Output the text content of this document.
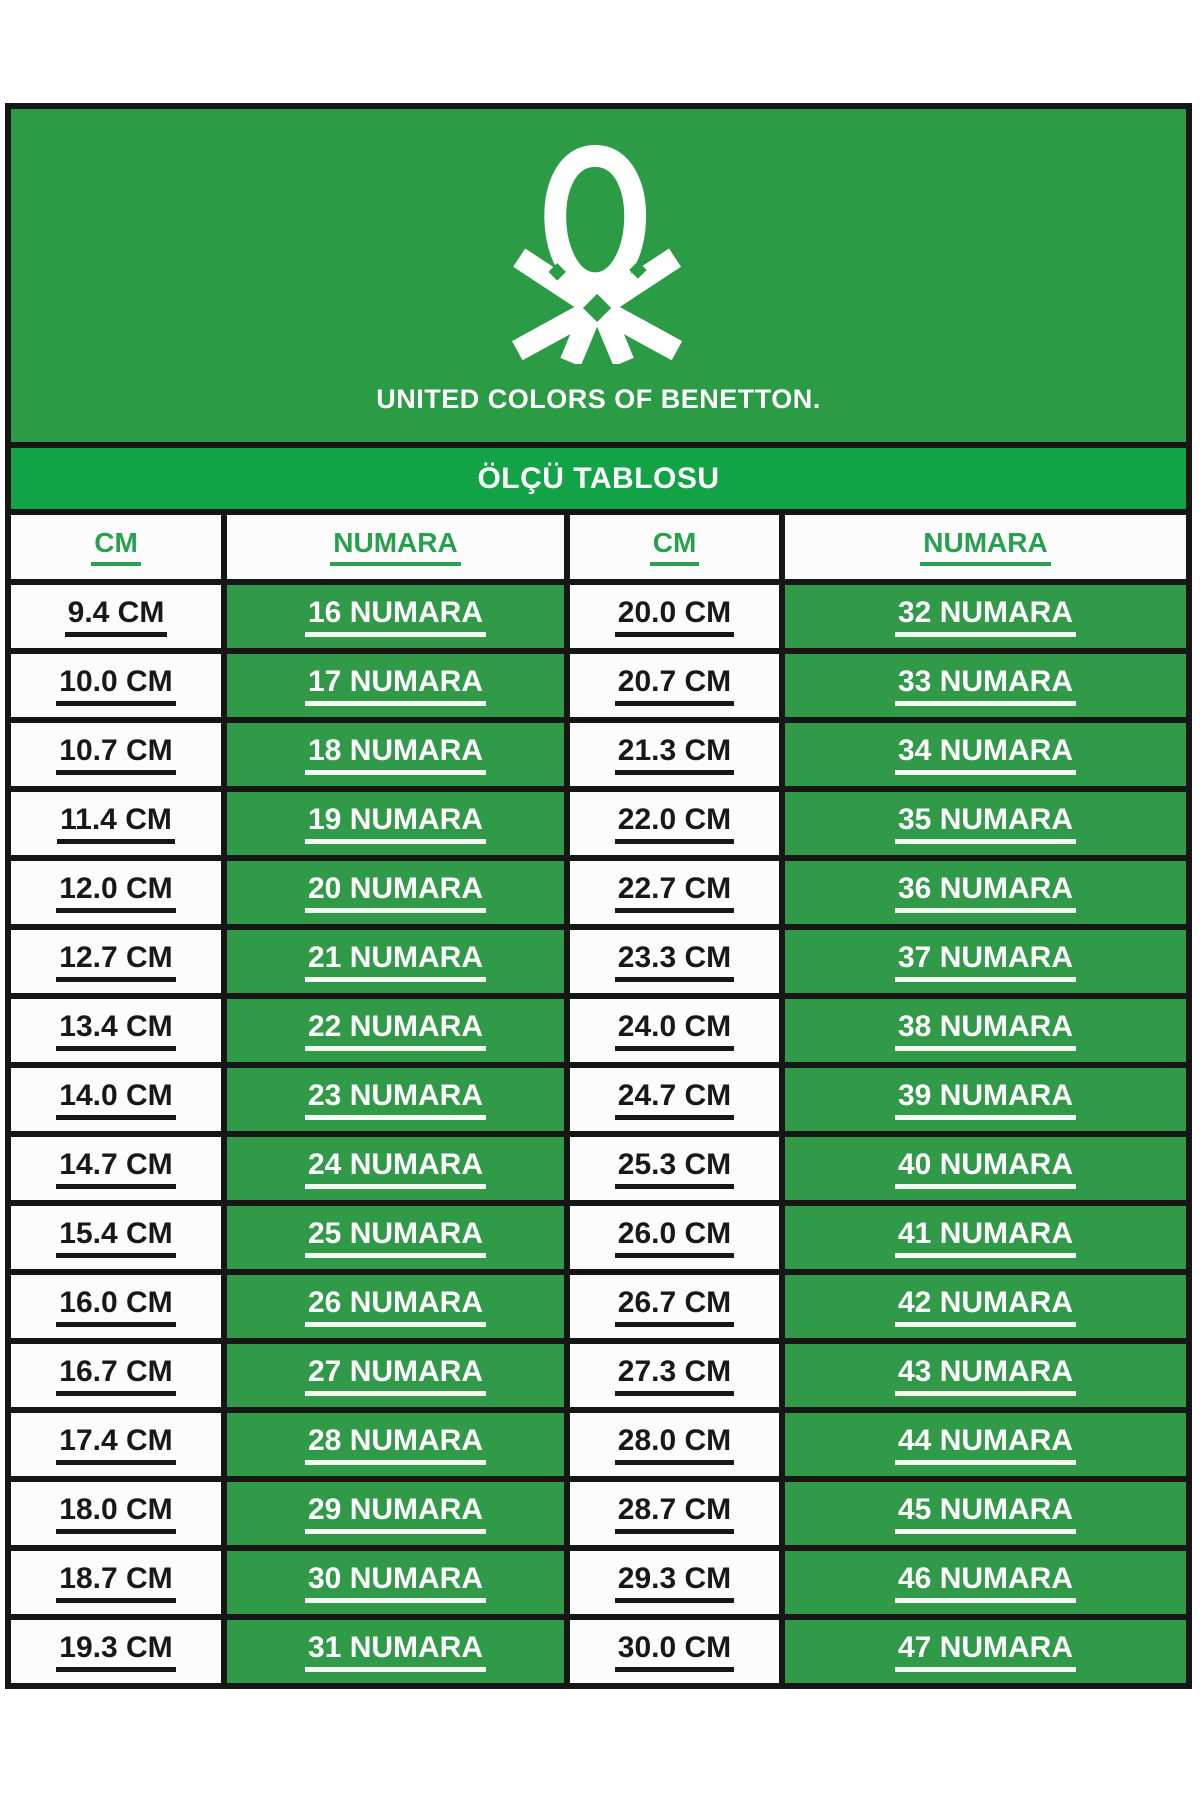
UNITED COLORS OF BENETTON.
ÖLÇÜ TABLOSU
CM	NUMARA	CM	NUMARA
9.4 CM	16 NUMARA	20.0 CM	32 NUMARA
10.0 CM	17 NUMARA	20.7 CM	33 NUMARA
10.7 CM	18 NUMARA	21.3 CM	34 NUMARA
11.4 CM	19 NUMARA	22.0 CM	35 NUMARA
12.0 CM	20 NUMARA	22.7 CM	36 NUMARA
12.7 CM	21 NUMARA	23.3 CM	37 NUMARA
13.4 CM	22 NUMARA	24.0 CM	38 NUMARA
14.0 CM	23 NUMARA	24.7 CM	39 NUMARA
14.7 CM	24 NUMARA	25.3 CM	40 NUMARA
15.4 CM	25 NUMARA	26.0 CM	41 NUMARA
16.0 CM	26 NUMARA	26.7 CM	42 NUMARA
16.7 CM	27 NUMARA	27.3 CM	43 NUMARA
17.4 CM	28 NUMARA	28.0 CM	44 NUMARA
18.0 CM	29 NUMARA	28.7 CM	45 NUMARA
18.7 CM	30 NUMARA	29.3 CM	46 NUMARA
19.3 CM	31 NUMARA	30.0 CM	47 NUMARA
